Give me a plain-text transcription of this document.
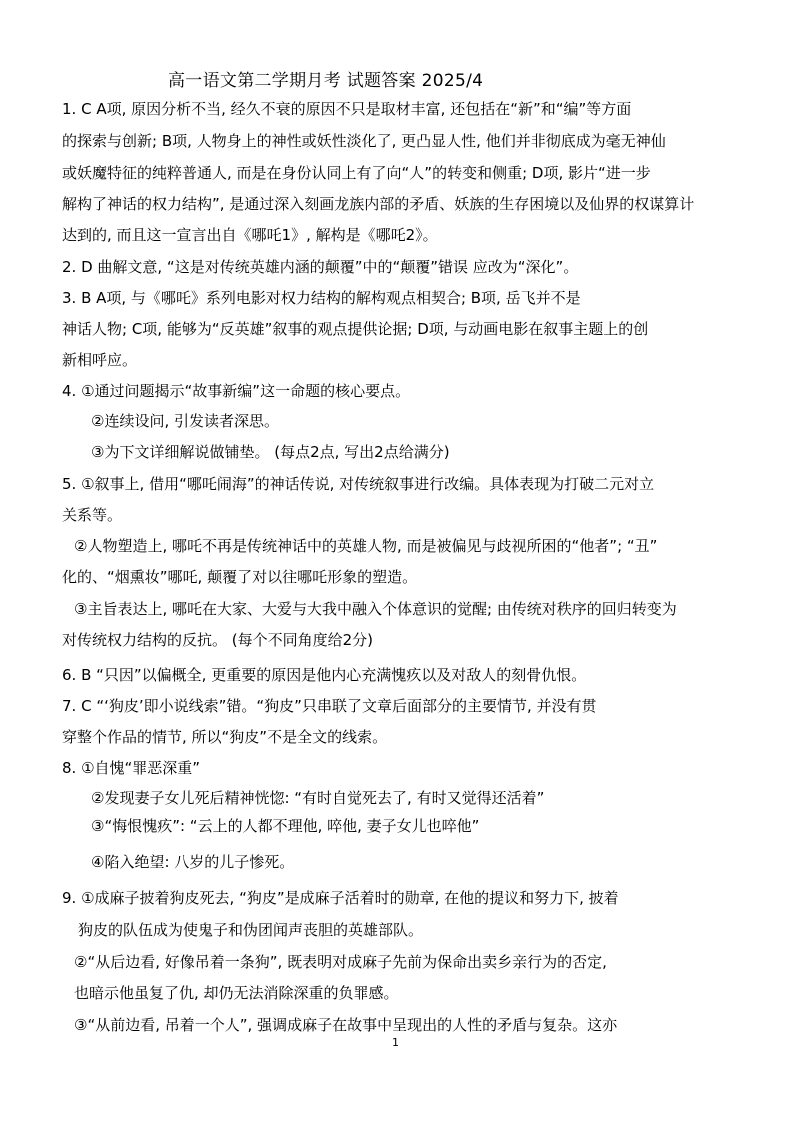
高一语文第二学期月考 试题答案 2025/4
1. C A项, 原因分析不当, 经久不衰的原因不只是取材丰富, 还包括在“新”和“编”等方面
的探索与创新; B项, 人物身上的神性或妖性淡化了, 更凸显人性, 他们并非彻底成为毫无神仙
或妖魔特征的纯粹普通人, 而是在身份认同上有了向“人”的转变和侧重; D项, 影片“进一步
解构了神话的权力结构”, 是通过深入刻画龙族内部的矛盾、妖族的生存困境以及仙界的权谋算计
达到的, 而且这一宣言出自《哪吒1》, 解构是《哪吒2》。
2. D 曲解文意, “这是对传统英雄内涵的颠覆”中的“颠覆”错误 应改为“深化”。
3. B A项, 与《哪吒》系列电影对权力结构的解构观点相契合; B项, 岳飞并不是
神话人物; C项, 能够为“反英雄”叙事的观点提供论据; D项, 与动画电影在叙事主题上的创
新相呼应。
4. ①通过问题揭示“故事新编”这一命题的核心要点。
②连续设问, 引发读者深思。
③为下文详细解说做铺垫。 (每点2点, 写出2点给满分)
5. ①叙事上, 借用“哪吒闹海”的神话传说, 对传统叙事进行改编。具体表现为打破二元对立
关系等。
②人物塑造上, 哪吒不再是传统神话中的英雄人物, 而是被偏见与歧视所困的“他者”; “丑”
化的、“烟熏妆”哪吒, 颠覆了对以往哪吒形象的塑造。
③主旨表达上, 哪吒在大家、大爱与大我中融入个体意识的觉醒; 由传统对秩序的回归转变为
对传统权力结构的反抗。 (每个不同角度给2分)
6. B “只因”以偏概全, 更重要的原因是他内心充满愧疚以及对敌人的刻骨仇恨。
7. C “‘狗皮’即小说线索”错。“狗皮”只串联了文章后面部分的主要情节, 并没有贯
穿整个作品的情节, 所以“狗皮”不是全文的线索。
8. ①自愧“罪恶深重”
②发现妻子女儿死后精神恍惚: “有时自觉死去了, 有时又觉得还活着”
③“悔恨愧疚”: “云上的人都不理他, 啐他, 妻子女儿也啐他”
④陷入绝望: 八岁的儿子惨死。
9. ①成麻子披着狗皮死去, “狗皮”是成麻子活着时的勋章, 在他的提议和努力下, 披着
狗皮的队伍成为使鬼子和伪团闻声丧胆的英雄部队。
②“从后边看, 好像吊着一条狗”, 既表明对成麻子先前为保命出卖乡亲行为的否定,
也暗示他虽复了仇, 却仍无法消除深重的负罪感。
③“从前边看, 吊着一个人”, 强调成麻子在故事中呈现出的人性的矛盾与复杂。这亦
1
